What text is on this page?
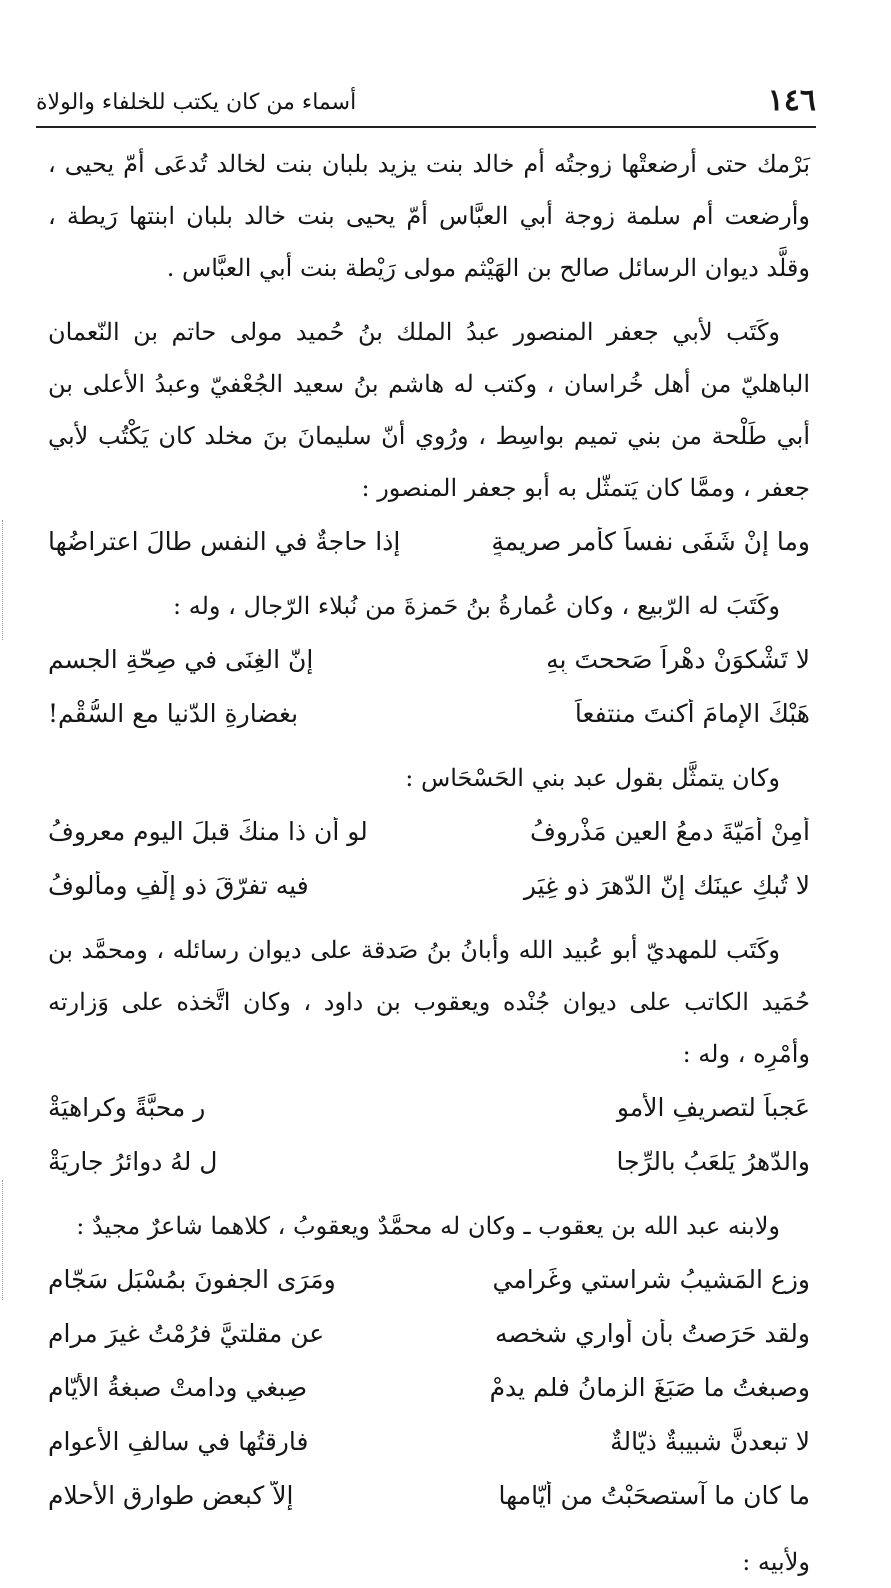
١٤٦
أسماء من كان يكتب للخلفاء والولاة

بَرْمك حتى أرضعتْها زوجتُه أم خالد بنت يزيد بلبان بنت لخالد تُدعَى أمّ يحيى ، وأرضعت أم سلمة زوجة أبي العبَّاس أمّ يحيى بنت خالد بلبان ابنتها رَيطة ، وقلَّد ديوان الرسائل صالح بن الهَيْثم مولى رَيْطة بنت أبي العبَّاس .

وكَتَب لأبي جعفر المنصور عبدُ الملك بنُ حُميد مولى حاتم بن النّعمان الباهليّ من أهل خُراسان ، وكتب له هاشم بنُ سعيد الجُعْفيّ وعبدُ الأعلى بن أبي طَلْحة من بني تميم بواسِط ، ورُوي أنّ سليمانَ بنَ مخلد كان يَكْتُب لأبي جعفر ، وممَّا كان يَتمثّل به أبو جعفر المنصور :

وما إنْ شَفَى نفساً كأمرٍ صريمةٍ
إذا حاجةٌ في النفس طالَ اعتراضُها

وكَتَبَ له الرّبيع ، وكان عُمارةُ بنُ حَمزةَ من نُبلاء الرّجال ، وله :

لا تَشْكوَنْ دهْراً صَححتَ بِهِ
إنّ الغِنَى في صِحّةِ الجسمِ
هَبْكَ الإمامَ أكنتَ منتفعاً
بغضارةِ الدّنيا مع السُّقْمِ!

وكان يتمثَّل بقول عبد بني الحَسْحَاس :

أَمِنْ أُمَيّةَ دمعُ العينِ مَذْروفُ
لو أن ذا منكَ قبلَ اليومِ معروفُ
لا تُبكِ عينَك إنّ الدّهرَ ذو غِيَرٍ
فيه تفرّقَ ذو إلْفٍ ومألوفُ

وكَتَب للمهديّ أبو عُبيد الله وأبانُ بنُ صَدقة على ديوان رسائله ، ومحمَّد بن حُمَيد الكاتب على ديوان جُنْده ويعقوب بن داود ، وكان اتَّخذه على وَزارته وأمْرِه ، وله :

عَجباً لتصريفِ الأُمو
رِ محبَّةً وكراهيَةْ
والدّهرُ يَلعَبُ بالرِّجا
لِ لهُ دوائرُ جاريَةْ

ولابنه عبد الله بن يعقوب ـ وكان له محمَّدٌ ويعقوبُ ، كلاهما شاعرٌ مجيدٌ :

وزع المَشيبُ شراستي وغَرامي
ومَرَى الجفونَ بمُسْبَلٍ سَجّامِ
ولقد حَرَصتُ بأن أُوارِي شخصه
عن مقلتيَّ فرُمْتُ غيرَ مرامِ
وصبغتُ ما صَبَغَ الزمانُ فلم يدمْ
صِبغي ودامتْ صبغةُ الأيّامِ
لا تبعدنَّ شبيبةٌ ذيّالةٌ
فارقتُها في سالفِ الأعوامِ
ما كان ما آستصحَبْتُ من أيّامها
إلاّ كبعضِ طوارقِ الأحلامِ
ولأبيه :
